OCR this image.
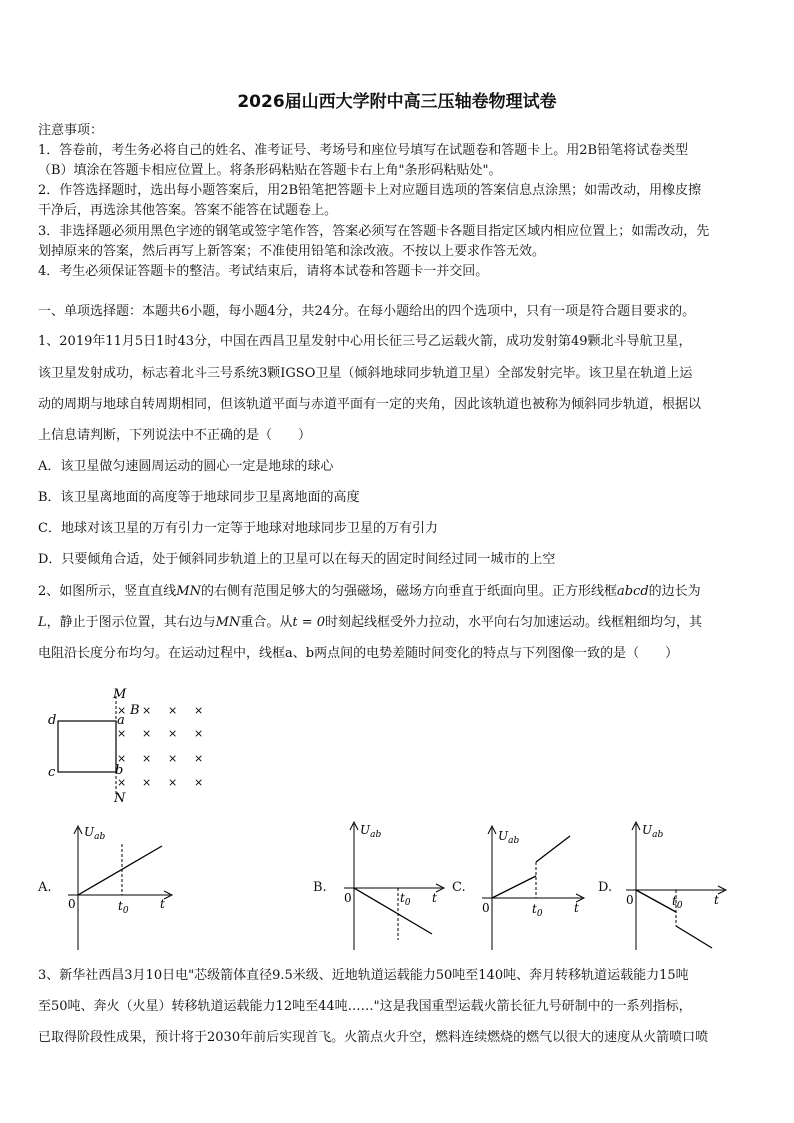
2026届山西大学附中高三压轴卷物理试卷
注意事项：
1．答卷前，考生务必将自己的姓名、准考证号、考场号和座位号填写在试题卷和答题卡上。用2B铅笔将试卷类型
（B）填涂在答题卡相应位置上。将条形码粘贴在答题卡右上角"条形码粘贴处"。
2．作答选择题时，选出每小题答案后，用2B铅笔把答题卡上对应题目选项的答案信息点涂黑；如需改动，用橡皮擦
干净后，再选涂其他答案。答案不能答在试题卷上。
3．非选择题必须用黑色字迹的钢笔或签字笔作答，答案必须写在答题卡各题目指定区域内相应位置上；如需改动，先
划掉原来的答案，然后再写上新答案；不准使用铅笔和涂改液。不按以上要求作答无效。
4．考生必须保证答题卡的整洁。考试结束后，请将本试卷和答题卡一并交回。
一、单项选择题：本题共6小题，每小题4分，共24分。在每小题给出的四个选项中，只有一项是符合题目要求的。
1、2019年11月5日1时43分，中国在西昌卫星发射中心用长征三号乙运载火箭，成功发射第49颗北斗导航卫星，
该卫星发射成功，标志着北斗三号系统3颗IGSO卫星（倾斜地球同步轨道卫星）全部发射完毕。该卫星在轨道上运
动的周期与地球自转周期相同，但该轨道平面与赤道平面有一定的夹角，因此该轨道也被称为倾斜同步轨道，根据以
上信息请判断，下列说法中不正确的是（　　）
A．该卫星做匀速圆周运动的圆心一定是地球的球心
B．该卫星离地面的高度等于地球同步卫星离地面的高度
C．地球对该卫星的万有引力一定等于地球对地球同步卫星的万有引力
D．只要倾角合适，处于倾斜同步轨道上的卫星可以在每天的固定时间经过同一城市的上空
2、如图所示，竖直直线MN的右侧有范围足够大的匀强磁场，磁场方向垂直于纸面向里。正方形线框abcd的边长为
L，静止于图示位置，其右边与MN重合。从t = 0时刻起线框受外力拉动，水平向右匀加速运动。线框粗细均匀，其
电阻沿长度分布均匀。在运动过程中，线框a、b两点间的电势差随时间变化的特点与下列图像一致的是（　　）
M
N
a
b
d
c
B
× × × ×
× × × ×
× × × ×
× × × ×
A.
$U_{ab}$
0	$t_0$	t
B.
$U_{ab}$
0	$t_0$ t
C.
$U_{ab}$
0	$t_0$	t
D.
$U_{ab}$
0	$t_0$	t
3、新华社西昌3月10日电"芯级箭体直径9.5米级、近地轨道运载能力50吨至140吨、奔月转移轨道运载能力15吨
至50吨、奔火（火星）转移轨道运载能力12吨至44吨……"这是我国重型运载火箭长征九号研制中的一系列指标，
已取得阶段性成果，预计将于2030年前后实现首飞。火箭点火升空，燃料连续燃烧的燃气以很大的速度从火箭喷口喷
